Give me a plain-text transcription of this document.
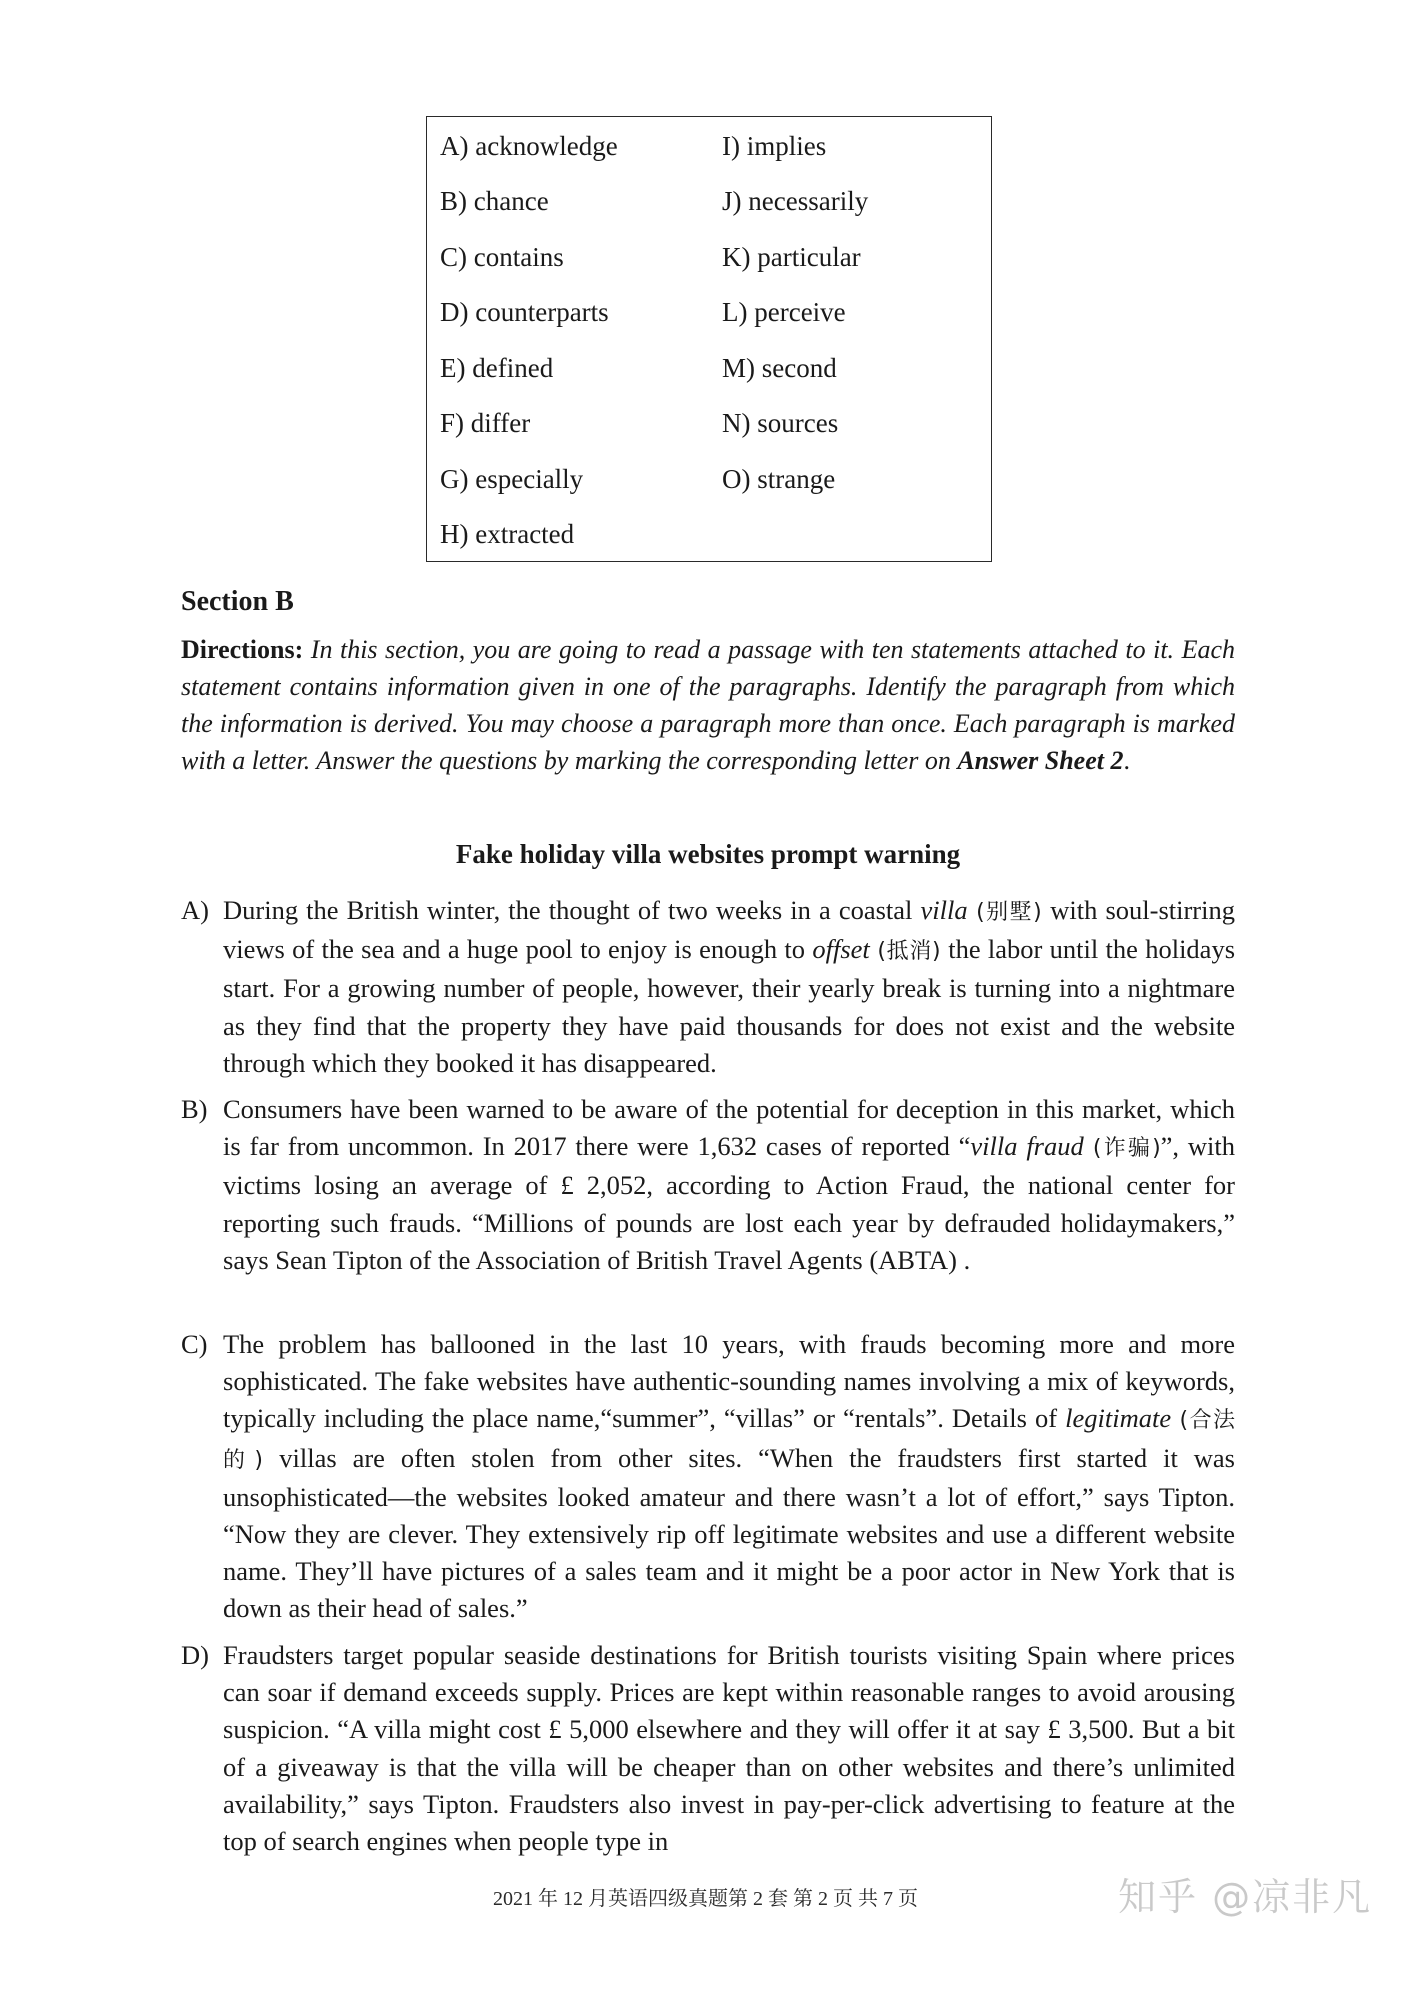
A) acknowledge
B) chance
C) contains
D) counterparts
E) defined
F) differ
G) especially
H) extracted
I) implies
J) necessarily
K) particular
L) perceive
M) second
N) sources
O) strange
Section B
Directions: In this section, you are going to read a passage with ten statements attached to it. Each statement contains information given in one of the paragraphs. Identify the paragraph from which the information is derived. You may choose a paragraph more than once. Each paragraph is marked with a letter. Answer the questions by marking the corresponding letter on Answer Sheet 2.
Fake holiday villa websites prompt warning
A) During the British winter, the thought of two weeks in a coastal villa (别墅) with soul-stirring views of the sea and a huge pool to enjoy is enough to offset (抵消) the labor until the holidays start. For a growing number of people, however, their yearly break is turning into a nightmare as they find that the property they have paid thousands for does not exist and the website through which they booked it has disappeared.
B) Consumers have been warned to be aware of the potential for deception in this market, which is far from uncommon. In 2017 there were 1,632 cases of reported “villa fraud (诈骗)”, with victims losing an average of £ 2,052, according to Action Fraud, the national center for reporting such frauds. “Millions of pounds are lost each year by defrauded holidaymakers,” says Sean Tipton of the Association of British Travel Agents (ABTA) .
C) The problem has ballooned in the last 10 years, with frauds becoming more and more sophisticated. The fake websites have authentic-sounding names involving a mix of keywords, typically including the place name,“summer”, “villas” or “rentals”. Details of legitimate (合法的) villas are often stolen from other sites. “When the fraudsters first started it was unsophisticated—the websites looked amateur and there wasn’t a lot of effort,” says Tipton. “Now they are clever. They extensively rip off legitimate websites and use a different website name. They’ll have pictures of a sales team and it might be a poor actor in New York that is down as their head of sales.”
D) Fraudsters target popular seaside destinations for British tourists visiting Spain where prices can soar if demand exceeds supply. Prices are kept within reasonable ranges to avoid arousing suspicion. “A villa might cost £ 5,000 elsewhere and they will offer it at say £ 3,500. But a bit of a giveaway is that the villa will be cheaper than on other websites and there’s unlimited availability,” says Tipton. Fraudsters also invest in pay-per-click advertising to feature at the top of search engines when people type in
2021 年 12 月英语四级真题第 2 套 第 2 页 共 7 页	知乎 @凉非凡
